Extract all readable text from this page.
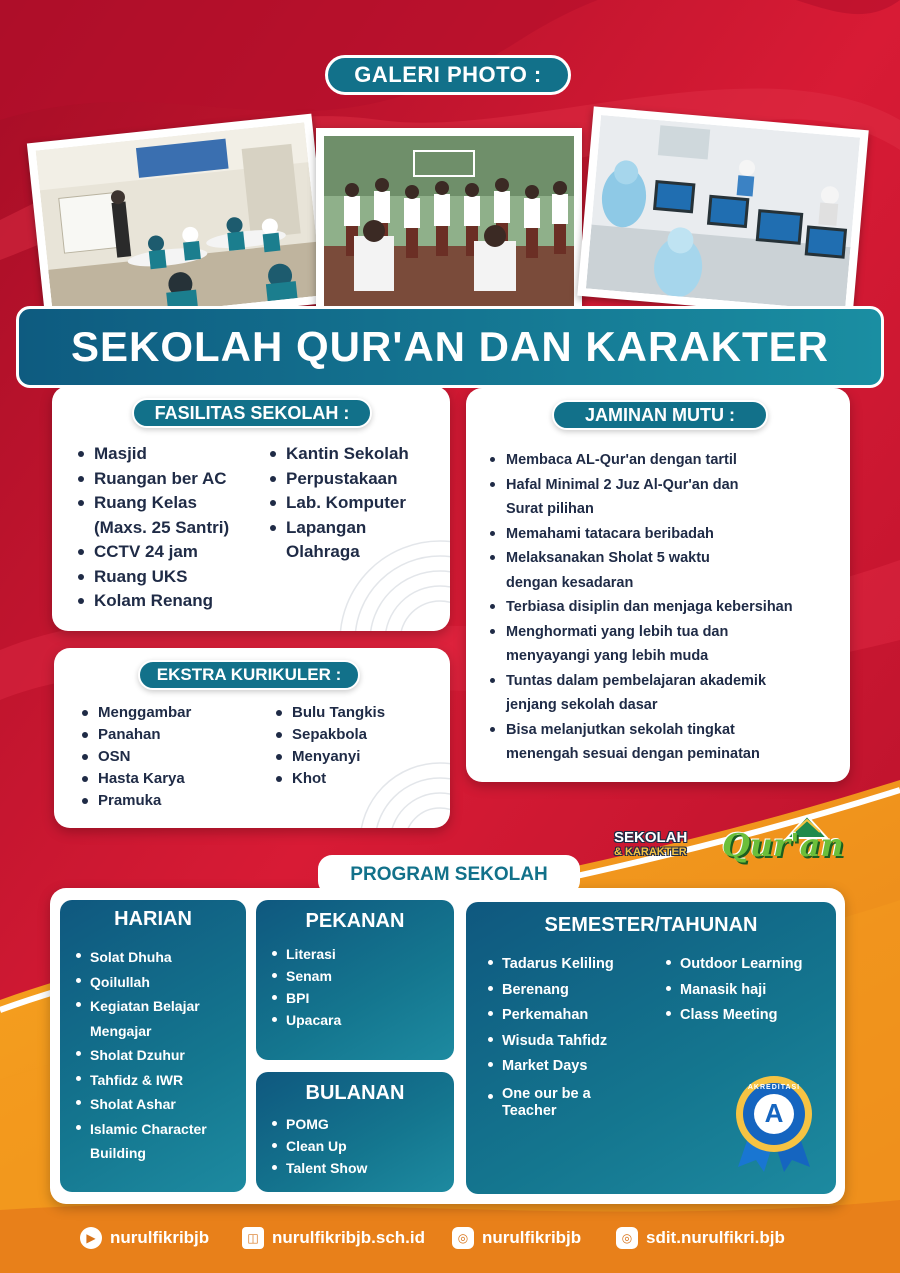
GALERI PHOTO :
SEKOLAH QUR'AN DAN KARAKTER
Masjid
Ruangan ber AC
Ruang Kelas
(Maxs. 25 Santri)
CCTV 24 jam
Ruang UKS
Kolam Renang
Kantin Sekolah
Perpustakaan
Lab. Komputer
Lapangan
Olahraga
FASILITAS SEKOLAH :
Menggambar
Panahan
OSN
Hasta Karya
Pramuka
Bulu Tangkis
Sepakbola
Menyanyi
Khot
EKSTRA KURIKULER :
Membaca AL-Qur'an dengan tartil
Hafal Minimal 2 Juz Al-Qur'an dan
Surat pilihan
Memahami tatacara beribadah
Melaksanakan Sholat 5 waktu
dengan kesadaran
Terbiasa disiplin dan menjaga kebersihan
Menghormati yang lebih tua dan
menyayangi yang lebih muda
Tuntas dalam pembelajaran akademik
jenjang sekolah dasar
Bisa melanjutkan sekolah tingkat
menengah sesuai dengan peminatan
JAMINAN MUTU :
SEKOLAH
& KARAKTER Qur'an
PROGRAM SEKOLAH
HARIAN
Solat Dhuha
Qoilullah
Kegiatan Belajar
Mengajar
Sholat Dzuhur
Tahfidz & IWR
Sholat Ashar
Islamic Character
Building
PEKANAN
Literasi
Senam
BPI
Upacara
BULANAN
POMG
Clean Up
Talent Show
SEMESTER/TAHUNAN
Tadarus Keliling
Berenang
Perkemahan
Wisuda Tahfidz
Market Days
One our be a
Teacher
Outdoor Learning
Manasik haji
Class Meeting
AKREDITASI
A
▶ nurulfikribjb	◫ nurulfikribjb.sch.id	◎ nurulfikribjb	◎ sdit.nurulfikri.bjb
